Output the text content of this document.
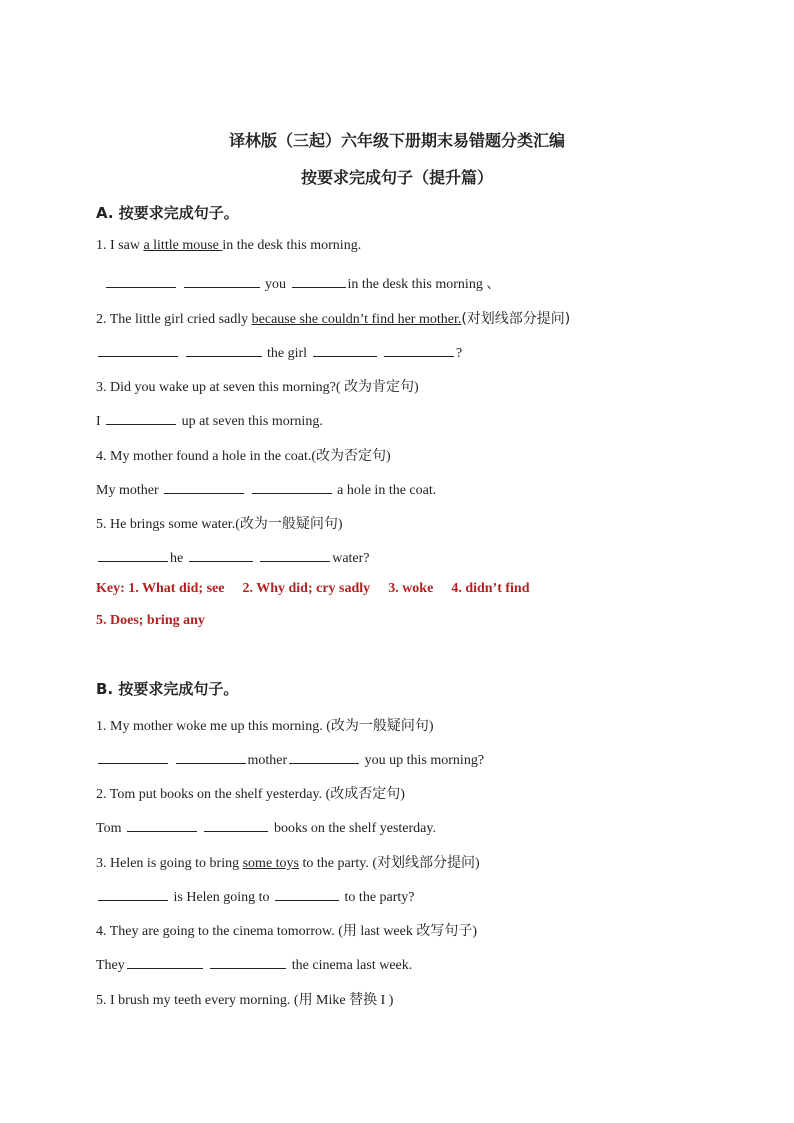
译林版（三起）六年级下册期末易错题分类汇编
按要求完成句子（提升篇）
A. 按要求完成句子。
1. I saw a little mouse in the desk this morning.
you	in the desk this morning 、
2. The little girl cried sadly because she couldn’t find her mother.(对划线部分提问)
the girl	?
3. Did you wake up at seven this morning?( 改为肯定句)
I	up at seven this morning.
4. My mother found a hole in the coat.(改为否定句)
My mother	a hole in the coat.
5. He brings some water.(改为一般疑问句)
he	water?
Key: 1. What did; see 2. Why did; cry sadly 3. woke 4. didn’t find
5. Does; bring any
B. 按要求完成句子。
1. My mother woke me up this morning. (改为一般疑问句)
mother	you up this morning?
2. Tom put books on the shelf yesterday. (改成否定句)
Tom	books on the shelf yesterday.
3. Helen is going to bring some toys to the party. (对划线部分提问)
is Helen going to	to the party?
4. They are going to the cinema tomorrow. (用 last week 改写句子)
They	the cinema last week.
5. I brush my teeth every morning. (用 Mike 替换 I )
